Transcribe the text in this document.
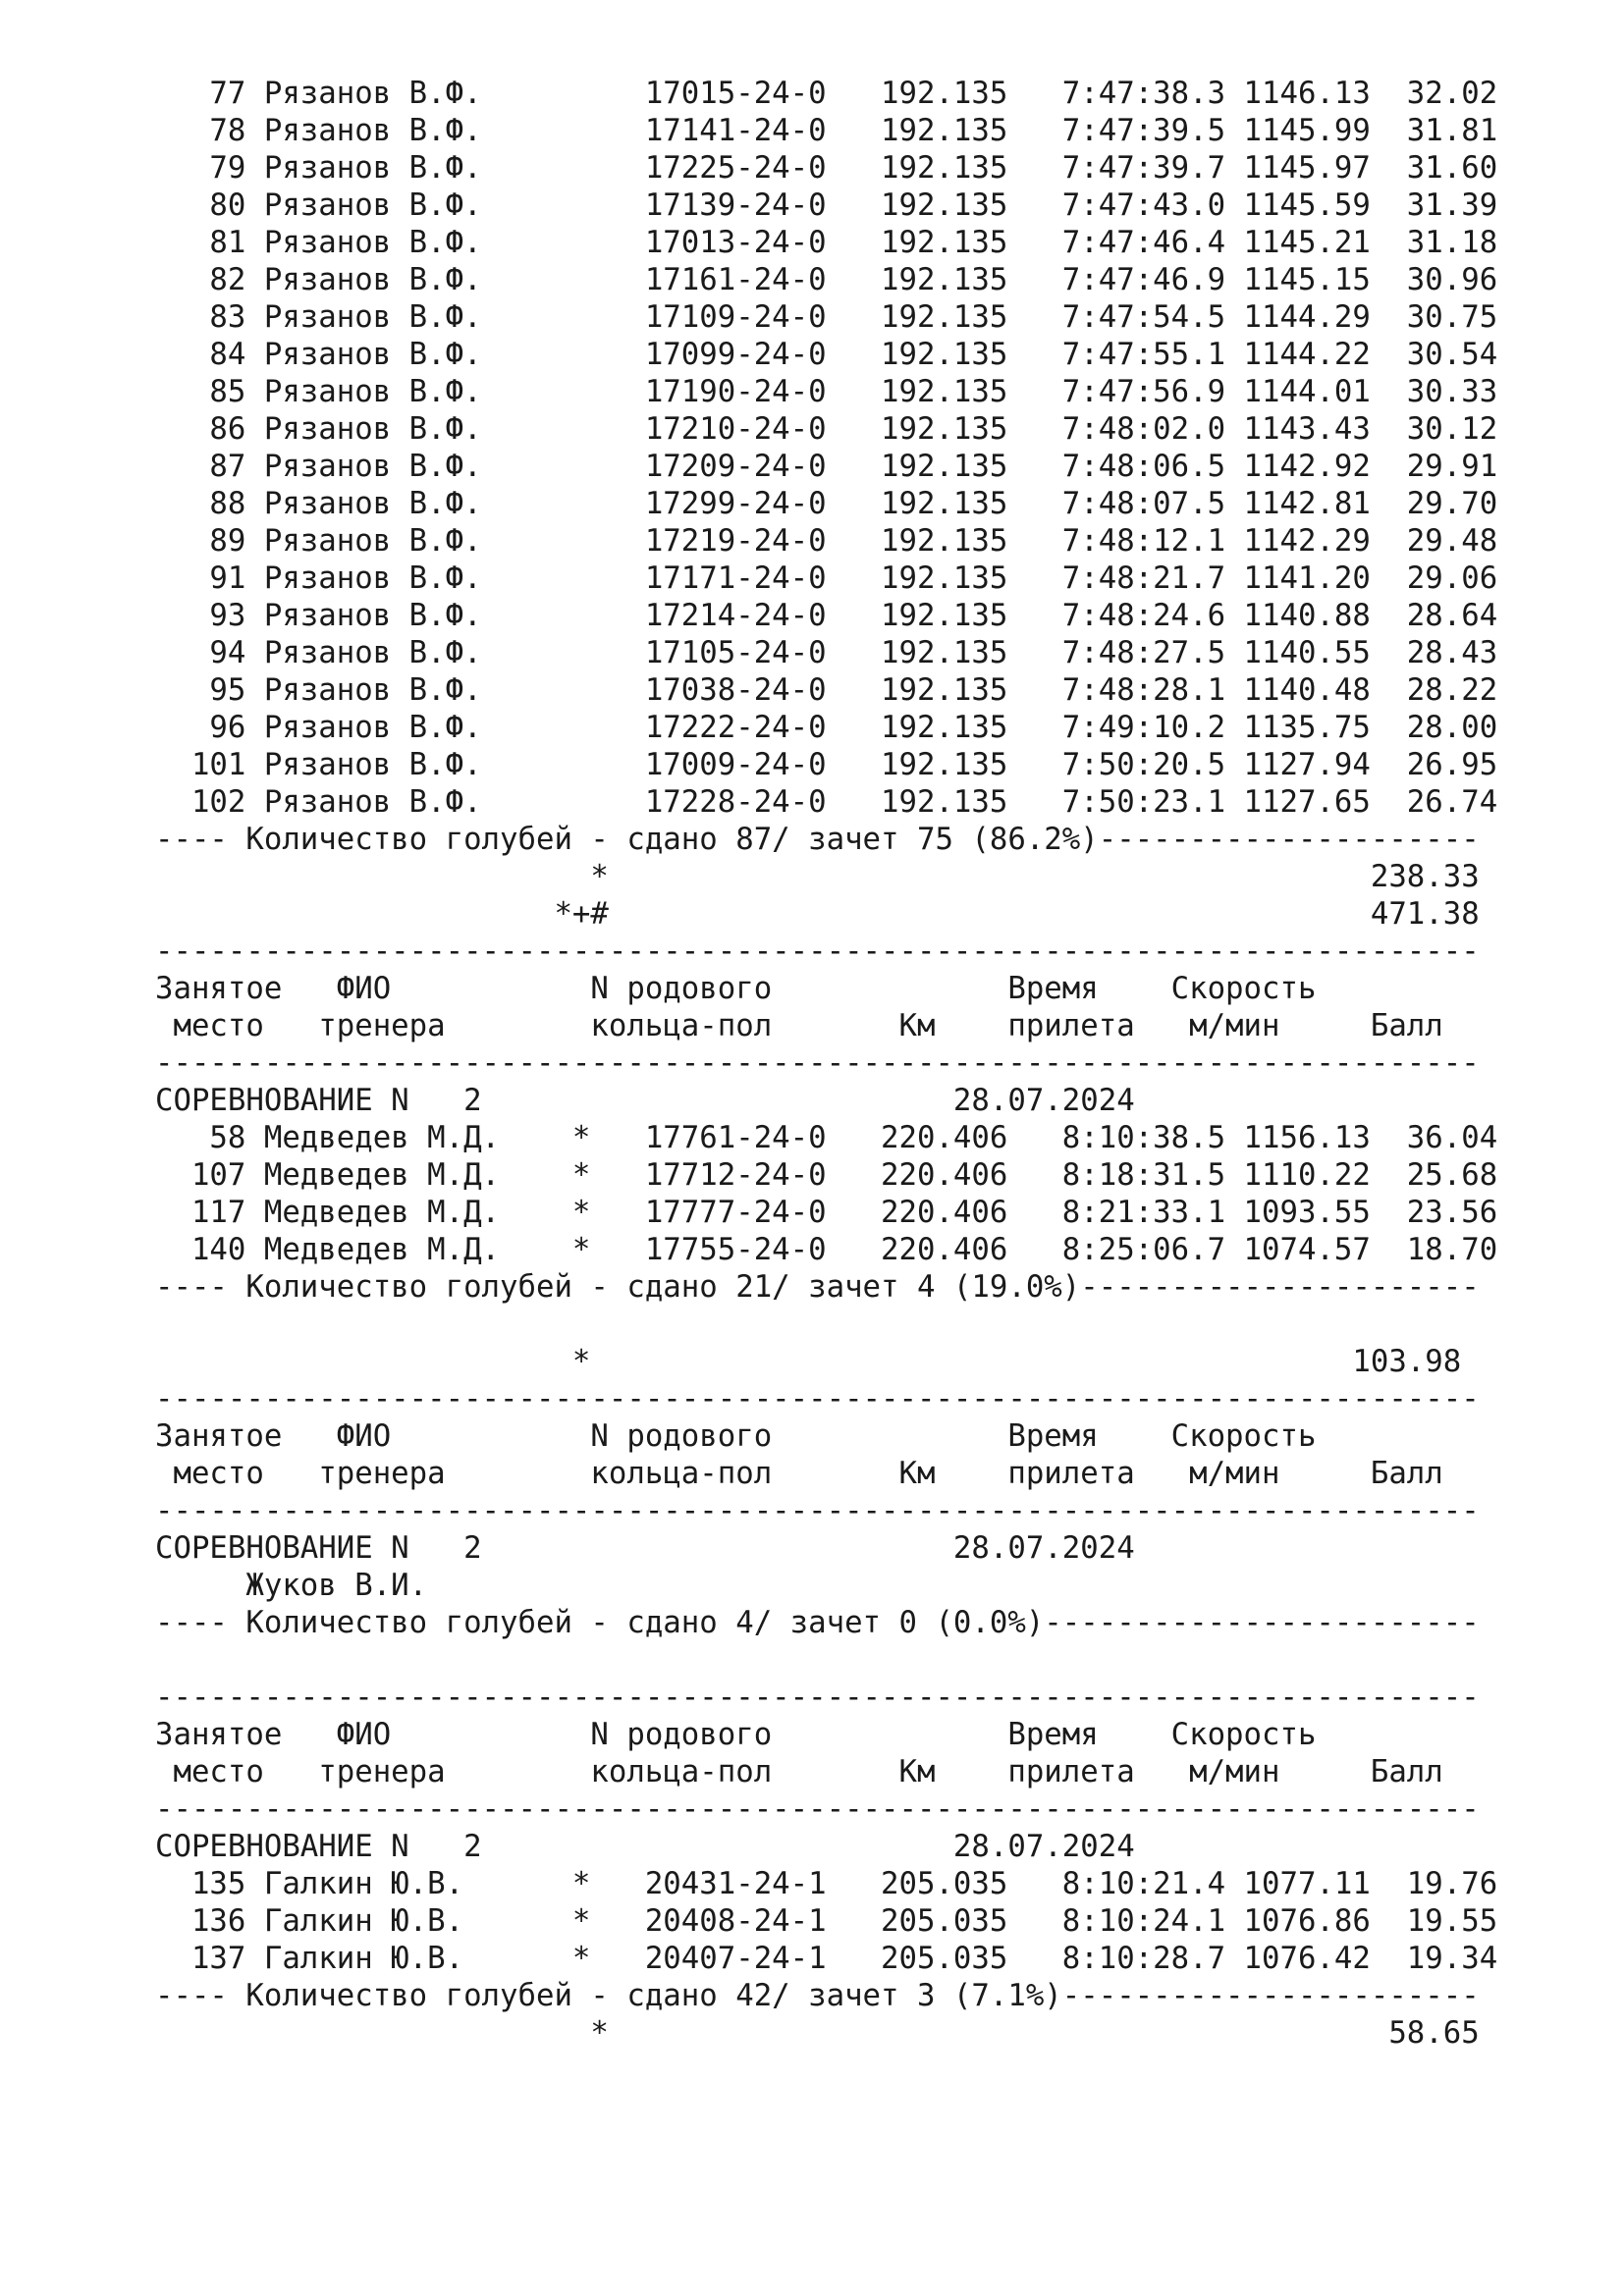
77 Рязанов В.Ф.         17015-24-0   192.135   7:47:38.3 1146.13  32.02
78 Рязанов В.Ф.         17141-24-0   192.135   7:47:39.5 1145.99  31.81
79 Рязанов В.Ф.         17225-24-0   192.135   7:47:39.7 1145.97  31.60
80 Рязанов В.Ф.         17139-24-0   192.135   7:47:43.0 1145.59  31.39
81 Рязанов В.Ф.         17013-24-0   192.135   7:47:46.4 1145.21  31.18
82 Рязанов В.Ф.         17161-24-0   192.135   7:47:46.9 1145.15  30.96
83 Рязанов В.Ф.         17109-24-0   192.135   7:47:54.5 1144.29  30.75
84 Рязанов В.Ф.         17099-24-0   192.135   7:47:55.1 1144.22  30.54
85 Рязанов В.Ф.         17190-24-0   192.135   7:47:56.9 1144.01  30.33
86 Рязанов В.Ф.         17210-24-0   192.135   7:48:02.0 1143.43  30.12
87 Рязанов В.Ф.         17209-24-0   192.135   7:48:06.5 1142.92  29.91
88 Рязанов В.Ф.         17299-24-0   192.135   7:48:07.5 1142.81  29.70
89 Рязанов В.Ф.         17219-24-0   192.135   7:48:12.1 1142.29  29.48
91 Рязанов В.Ф.         17171-24-0   192.135   7:48:21.7 1141.20  29.06
93 Рязанов В.Ф.         17214-24-0   192.135   7:48:24.6 1140.88  28.64
94 Рязанов В.Ф.         17105-24-0   192.135   7:48:27.5 1140.55  28.43
95 Рязанов В.Ф.         17038-24-0   192.135   7:48:28.1 1140.48  28.22
96 Рязанов В.Ф.         17222-24-0   192.135   7:49:10.2 1135.75  28.00
101 Рязанов В.Ф.         17009-24-0   192.135   7:50:20.5 1127.94  26.95
102 Рязанов В.Ф.         17228-24-0   192.135   7:50:23.1 1127.65  26.74
---- Количество голубей - сдано 87/ зачет 75 (86.2%)---------------------
*                                          238.33
*+#                                          471.38
-------------------------------------------------------------------------
Занятое   ФИО           N родового             Время    Скорость
место   тренера        кольца-пол       Км    прилета   м/мин     Балл
-------------------------------------------------------------------------
СОРЕВНОВАНИЕ N   2                          28.07.2024
58 Медведев М.Д.    *   17761-24-0   220.406   8:10:38.5 1156.13  36.04
107 Медведев М.Д.    *   17712-24-0   220.406   8:18:31.5 1110.22  25.68
117 Медведев М.Д.    *   17777-24-0   220.406   8:21:33.1 1093.55  23.56
140 Медведев М.Д.    *   17755-24-0   220.406   8:25:06.7 1074.57  18.70
---- Количество голубей - сдано 21/ зачет 4 (19.0%)----------------------
*                                          103.98
-------------------------------------------------------------------------
Занятое   ФИО           N родового             Время    Скорость
место   тренера        кольца-пол       Км    прилета   м/мин     Балл
-------------------------------------------------------------------------
СОРЕВНОВАНИЕ N   2                          28.07.2024
Жуков В.И.
---- Количество голубей - сдано 4/ зачет 0 (0.0%)------------------------
-------------------------------------------------------------------------
Занятое   ФИО           N родового             Время    Скорость
место   тренера        кольца-пол       Км    прилета   м/мин     Балл
-------------------------------------------------------------------------
СОРЕВНОВАНИЕ N   2                          28.07.2024
135 Галкин Ю.В.      *   20431-24-1   205.035   8:10:21.4 1077.11  19.76
136 Галкин Ю.В.      *   20408-24-1   205.035   8:10:24.1 1076.86  19.55
137 Галкин Ю.В.      *   20407-24-1   205.035   8:10:28.7 1076.42  19.34
---- Количество голубей - сдано 42/ зачет 3 (7.1%)-----------------------
*                                           58.65
